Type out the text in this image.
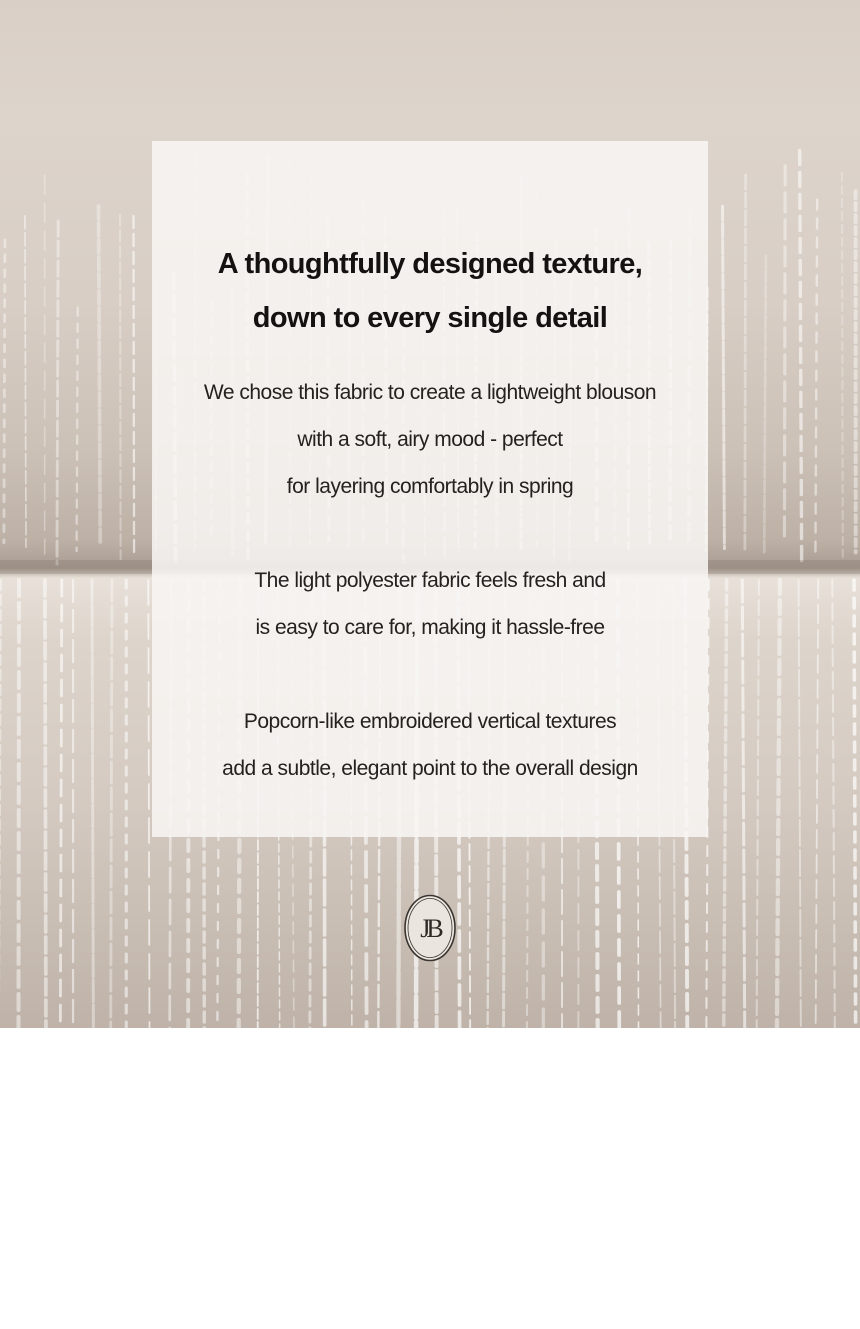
A thoughtfully designed texture,
down to every single detail
We chose this fabric to create a lightweight blouson
with a soft, airy mood - perfect
for layering comfortably in spring
The light polyester fabric feels fresh and
is easy to care for, making it hassle-free
Popcorn-like embroidered vertical textures
add a subtle, elegant point to the overall design
JB
